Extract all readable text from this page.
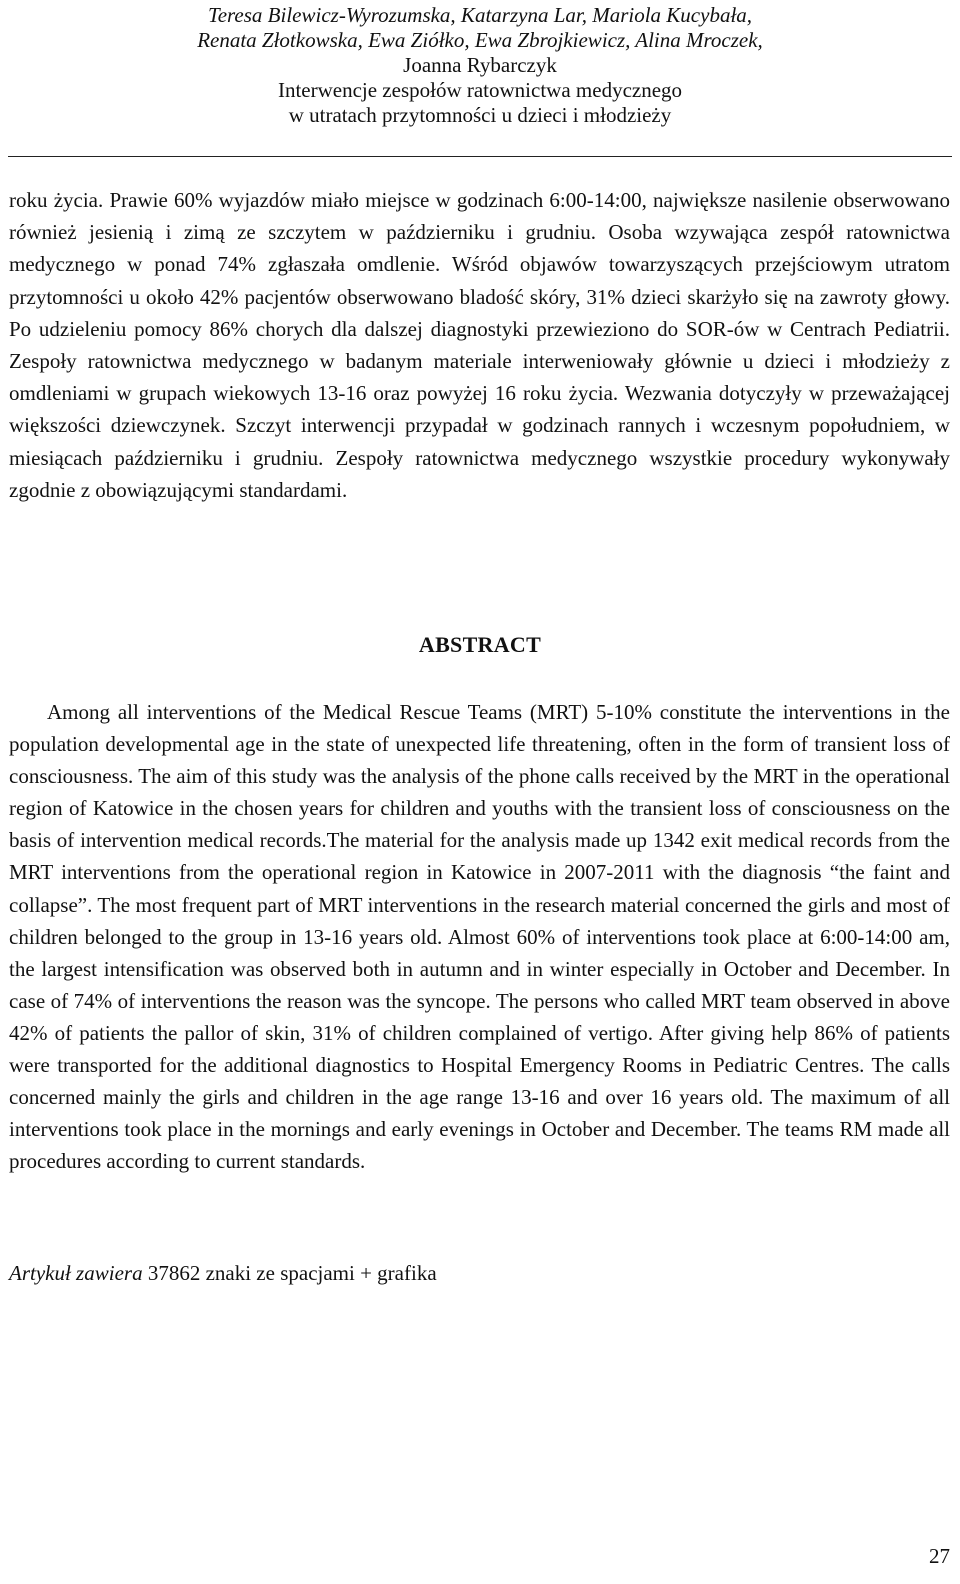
Teresa Bilewicz-Wyrozumska, Katarzyna Lar, Mariola Kucybała,
Renata Złotkowska, Ewa Ziółko, Ewa Zbrojkiewicz, Alina Mroczek,
Joanna Rybarczyk
Interwencje zespołów ratownictwa medycznego
w utratach przytomności u dzieci i młodzieży

roku życia. Prawie 60% wyjazdów miało miejsce w godzinach 6:00-14:00, największe nasilenie obserwowano również jesienią i zimą ze szczytem w październiku i grudniu. Osoba wzywająca zespół ratownictwa medycznego w ponad 74% zgłaszała omdlenie. Wśród objawów towarzyszących przejściowym utratom przytomności u około 42% pacjentów obserwowano bladość skóry, 31% dzieci skarżyło się na zawroty głowy. Po udzieleniu pomocy 86% chorych dla dalszej diagnostyki przewieziono do SOR-ów w Centrach Pediatrii. Zespoły ratownictwa medycznego w badanym materiale interweniowały głównie u dzieci i młodzieży z omdleniami w grupach wiekowych 13-16 oraz powyżej 16 roku życia. Wezwania dotyczyły w przeważającej większości dziewczynek. Szczyt interwencji przypadał w godzinach rannych i wczesnym popołudniem, w miesiącach październiku i grudniu. Zespoły ratownictwa medycznego wszystkie procedury wykonywały zgodnie z obowiązującymi standardami.

ABSTRACT

Among all interventions of the Medical Rescue Teams (MRT) 5-10% constitute the interventions in the population developmental age in the state of unexpected life threatening, often in the form of transient loss of consciousness. The aim of this study was the analysis of the phone calls received by the MRT in the operational region of Katowice in the chosen years for children and youths with the transient loss of consciousness on the basis of intervention medical records.The material for the analysis made up 1342 exit medical records from the MRT interventions from the operational region in Katowice in 2007-2011 with the diagnosis “the faint and collapse”. The most frequent part of MRT interventions in the research material concerned the girls and most of children belonged to the group in 13-16 years old. Almost 60% of interventions took place at 6:00-14:00 am, the largest intensification was observed both in autumn and in winter especially in October and December. In case of 74% of interventions the reason was the syncope. The persons who called MRT team observed in above 42% of patients the pallor of skin, 31% of children complained of vertigo. After giving help 86% of patients were transported for the additional diagnostics to Hospital Emergency Rooms in Pediatric Centres. The calls concerned mainly the girls and children in the age range 13-16 and over 16 years old. The maximum of all interventions took place in the mornings and early evenings in October and December. The teams RM made all procedures according to current standards.

Artykuł zawiera 37862 znaki ze spacjami + grafika
27
